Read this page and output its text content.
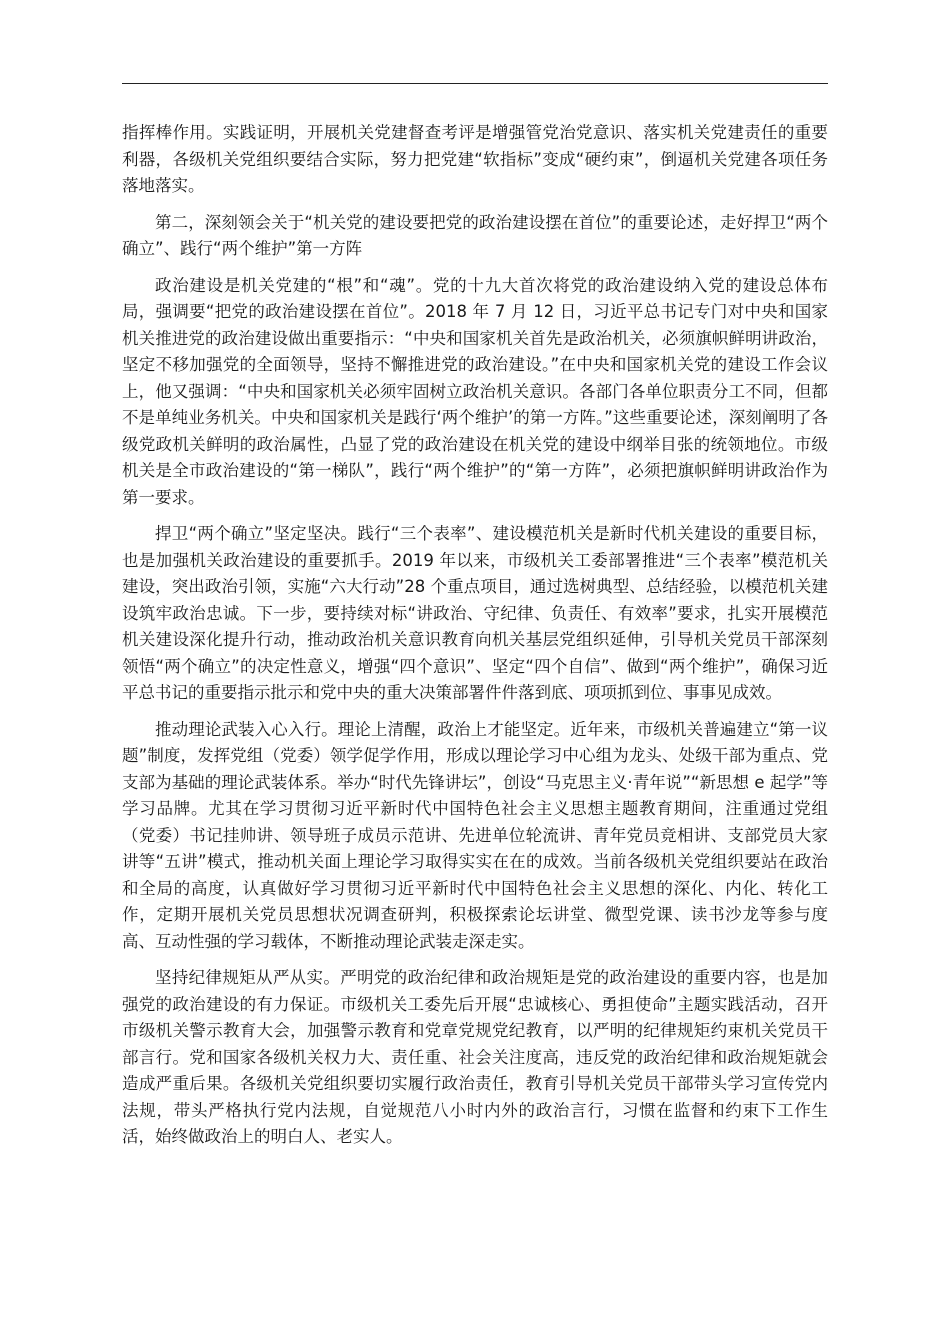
指挥棒作用。实践证明，开展机关党建督查考评是增强管党治党意识、落实机关党建责任的重要利器，各级机关党组织要结合实际，努力把党建“软指标”变成“硬约束”，倒逼机关党建各项任务落地落实。

第二，深刻领会关于“机关党的建设要把党的政治建设摆在首位”的重要论述，走好捍卫“两个确立”、践行“两个维护”第一方阵

政治建设是机关党建的“根”和“魂”。党的十九大首次将党的政治建设纳入党的建设总体布局，强调要“把党的政治建设摆在首位”。2018 年 7 月 12 日，习近平总书记专门对中央和国家机关推进党的政治建设做出重要指示：“中央和国家机关首先是政治机关，必须旗帜鲜明讲政治，坚定不移加强党的全面领导，坚持不懈推进党的政治建设。”在中央和国家机关党的建设工作会议上，他又强调：“中央和国家机关必须牢固树立政治机关意识。各部门各单位职责分工不同，但都不是单纯业务机关。中央和国家机关是践行‘两个维护’的第一方阵。”这些重要论述，深刻阐明了各级党政机关鲜明的政治属性，凸显了党的政治建设在机关党的建设中纲举目张的统领地位。市级机关是全市政治建设的“第一梯队”，践行“两个维护”的“第一方阵”，必须把旗帜鲜明讲政治作为第一要求。

捍卫“两个确立”坚定坚决。践行“三个表率”、建设模范机关是新时代机关建设的重要目标，也是加强机关政治建设的重要抓手。2019 年以来，市级机关工委部署推进“三个表率”模范机关建设，突出政治引领，实施“六大行动”28 个重点项目，通过选树典型、总结经验，以模范机关建设筑牢政治忠诚。下一步，要持续对标“讲政治、守纪律、负责任、有效率”要求，扎实开展模范机关建设深化提升行动，推动政治机关意识教育向机关基层党组织延伸，引导机关党员干部深刻领悟“两个确立”的决定性意义，增强“四个意识”、坚定“四个自信”、做到“两个维护”，确保习近平总书记的重要指示批示和党中央的重大决策部署件件落到底、项项抓到位、事事见成效。

推动理论武装入心入行。理论上清醒，政治上才能坚定。近年来，市级机关普遍建立“第一议题”制度，发挥党组（党委）领学促学作用，形成以理论学习中心组为龙头、处级干部为重点、党支部为基础的理论武装体系。举办“时代先锋讲坛”，创设“马克思主义·青年说”“新思想 e 起学”等学习品牌。尤其在学习贯彻习近平新时代中国特色社会主义思想主题教育期间，注重通过党组（党委）书记挂帅讲、领导班子成员示范讲、先进单位轮流讲、青年党员竞相讲、支部党员大家讲等“五讲”模式，推动机关面上理论学习取得实实在在的成效。当前各级机关党组织要站在政治和全局的高度，认真做好学习贯彻习近平新时代中国特色社会主义思想的深化、内化、转化工作，定期开展机关党员思想状况调查研判，积极探索论坛讲堂、微型党课、读书沙龙等参与度高、互动性强的学习载体，不断推动理论武装走深走实。

坚持纪律规矩从严从实。严明党的政治纪律和政治规矩是党的政治建设的重要内容，也是加强党的政治建设的有力保证。市级机关工委先后开展“忠诚核心、勇担使命”主题实践活动，召开市级机关警示教育大会，加强警示教育和党章党规党纪教育，以严明的纪律规矩约束机关党员干部言行。党和国家各级机关权力大、责任重、社会关注度高，违反党的政治纪律和政治规矩就会造成严重后果。各级机关党组织要切实履行政治责任，教育引导机关党员干部带头学习宣传党内法规，带头严格执行党内法规，自觉规范八小时内外的政治言行，习惯在监督和约束下工作生活，始终做政治上的明白人、老实人。
